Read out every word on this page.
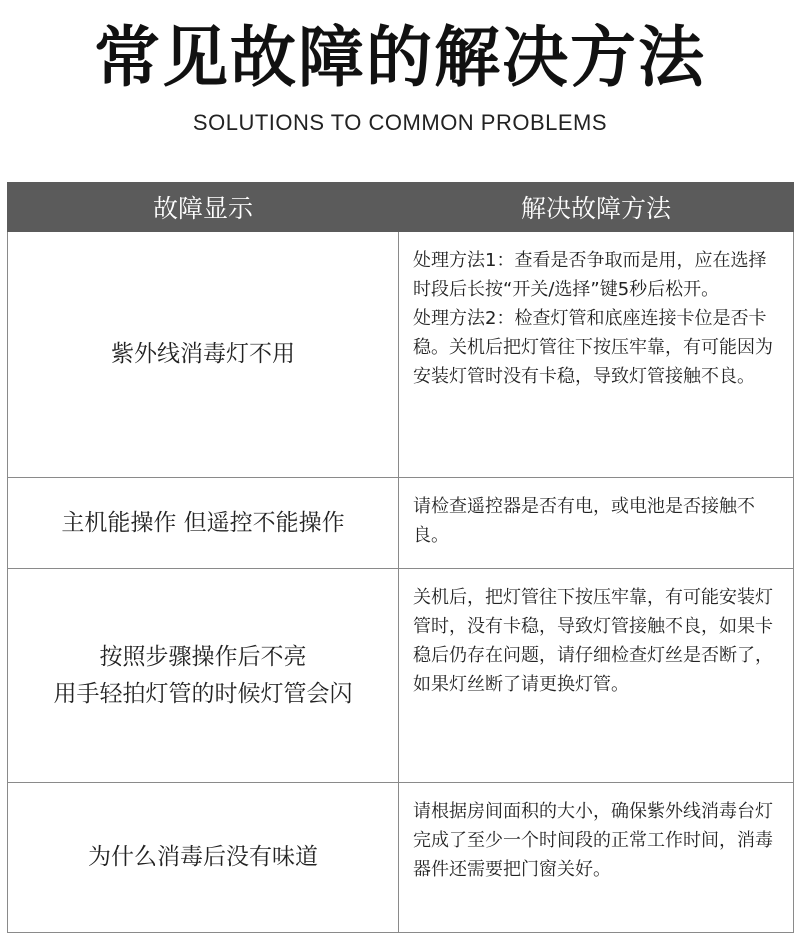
常见故障的解决方法
SOLUTIONS TO COMMON PROBLEMS
故障显示	解决故障方法

紫外线消毒灯不用	处理方法1：查看是否争取而是用，应在选择时段后长按“开关/选择”键5秒后松开。
处理方法2：检查灯管和底座连接卡位是否卡稳。关机后把灯管往下按压牢靠，有可能因为安装灯管时没有卡稳，导致灯管接触不良。

主机能操作 但遥控不能操作	请检查遥控器是否有电，或电池是否接触不良。

按照步骤操作后不亮
用手轻拍灯管的时候灯管会闪	关机后，把灯管往下按压牢靠，有可能安装灯管时，没有卡稳，导致灯管接触不良，如果卡稳后仍存在问题，请仔细检查灯丝是否断了，如果灯丝断了请更换灯管。

为什么消毒后没有味道	请根据房间面积的大小，确保紫外线消毒台灯完成了至少一个时间段的正常工作时间，消毒器件还需要把门窗关好。
